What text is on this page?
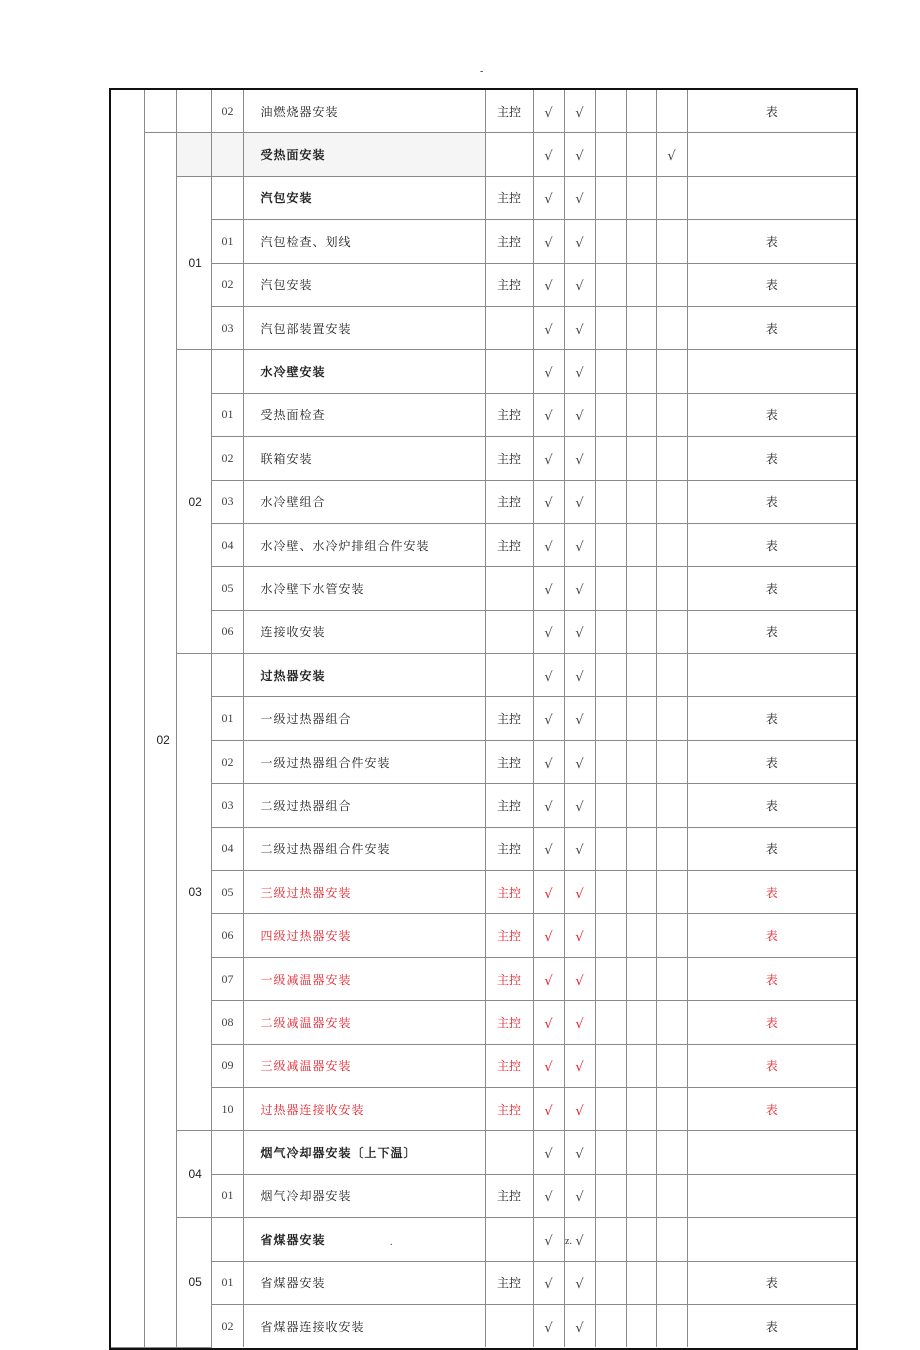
-
			02	油燃烧器安装	主控	√	√				表
	02			受热面安装		√	√			√	
		01		汽包安装	主控	√	√				
			01	汽包检查、划线	主控	√	√				表
			02	汽包安装	主控	√	√				表
			03	汽包部装置安装		√	√				表
		02		水冷壁安装		√	√				
			01	受热面检查	主控	√	√				表
			02	联箱安装	主控	√	√				表
			03	水冷壁组合	主控	√	√				表
			04	水冷壁、水冷炉排组合件安装	主控	√	√				表
			05	水冷壁下水管安装		√	√				表
			06	连接收安装		√	√				表
		03		过热器安装		√	√				
			01	一级过热器组合	主控	√	√				表
			02	一级过热器组合件安装	主控	√	√				表
			03	二级过热器组合	主控	√	√				表
			04	二级过热器组合件安装	主控	√	√				表
			05	三级过热器安装	主控	√	√				表
			06	四级过热器安装	主控	√	√				表
			07	一级减温器安装	主控	√	√				表
			08	二级减温器安装	主控	√	√				表
			09	三级减温器安装	主控	√	√				表
			10	过热器连接收安装	主控	√	√				表
		04		烟气冷却器安装〔上下温〕		√	√				
			01	烟气冷却器安装	主控	√	√				
		05		省煤器安装		√	√				
			01	省煤器安装	主控	√	√				表
			02	省煤器连接收安装		√	√				表
.	z.
